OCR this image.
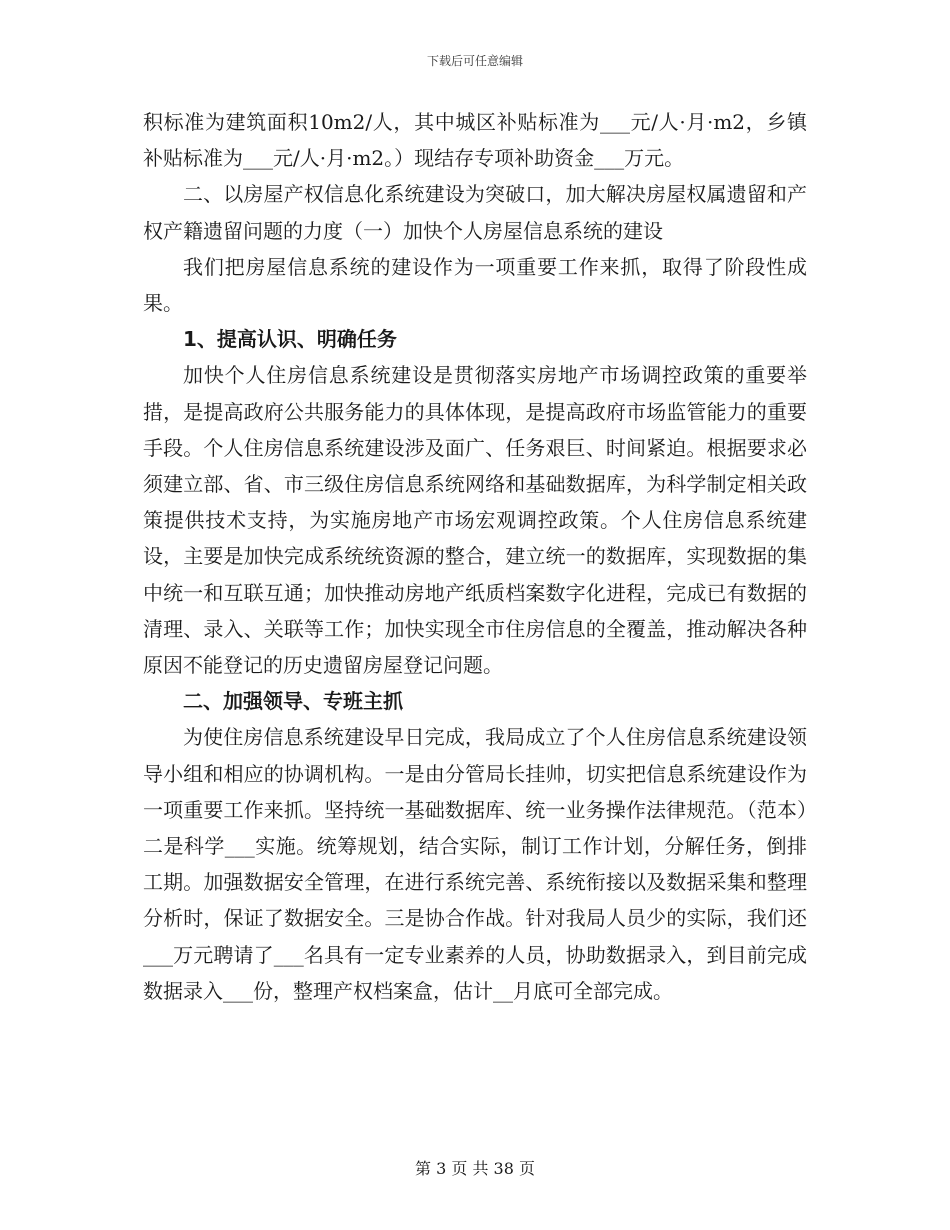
下载后可任意编辑

积标准为建筑面积10m2/人，其中城区补贴标准为___元/人·月·m2，乡镇补贴标准为___元/人·月·m2。）现结存专项补助资金___万元。

二、以房屋产权信息化系统建设为突破口，加大解决房屋权属遗留和产权产籍遗留问题的力度（一）加快个人房屋信息系统的建设

我们把房屋信息系统的建设作为一项重要工作来抓，取得了阶段性成果。

1、提高认识、明确任务

加快个人住房信息系统建设是贯彻落实房地产市场调控政策的重要举措，是提高政府公共服务能力的具体体现，是提高政府市场监管能力的重要手段。个人住房信息系统建设涉及面广、任务艰巨、时间紧迫。根据要求必须建立部、省、市三级住房信息系统网络和基础数据库，为科学制定相关政策提供技术支持，为实施房地产市场宏观调控政策。个人住房信息系统建设，主要是加快完成系统统资源的整合，建立统一的数据库，实现数据的集中统一和互联互通；加快推动房地产纸质档案数字化进程，完成已有数据的清理、录入、关联等工作；加快实现全市住房信息的全覆盖，推动解决各种原因不能登记的历史遗留房屋登记问题。

二、加强领导、专班主抓

为使住房信息系统建设早日完成，我局成立了个人住房信息系统建设领导小组和相应的协调机构。一是由分管局长挂帅，切实把信息系统建设作为一项重要工作来抓。坚持统一基础数据库、统一业务操作法律规范。（范本）二是科学___实施。统筹规划，结合实际，制订工作计划，分解任务，倒排工期。加强数据安全管理，在进行系统完善、系统衔接以及数据采集和整理分析时，保证了数据安全。三是协合作战。针对我局人员少的实际，我们还___万元聘请了___名具有一定专业素养的人员，协助数据录入，到目前完成数据录入___份，整理产权档案盒，估计__月底可全部完成。

第 3 页 共 38 页
